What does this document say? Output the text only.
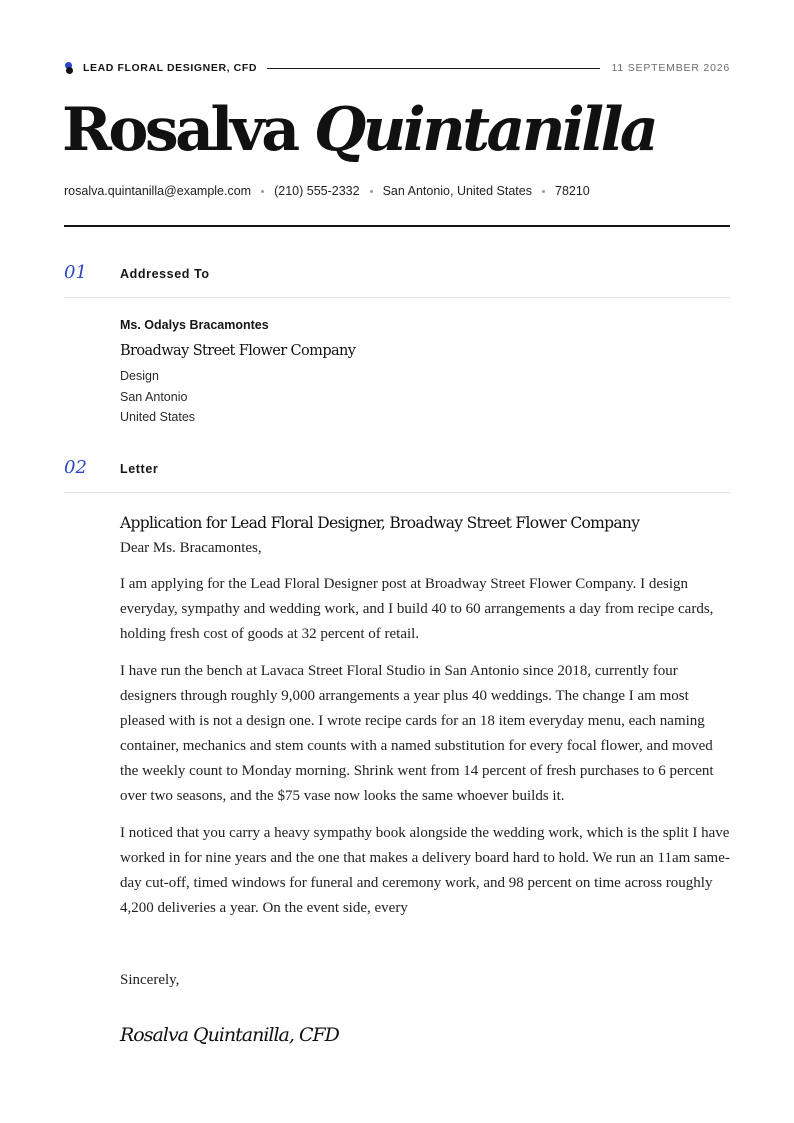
LEAD FLORAL DESIGNER, CFD	11 SEPTEMBER 2026
Rosalva Quintanilla
rosalva.quintanilla@example.com (210) 555-2332 San Antonio, United States 78210
01	Addressed To
Ms. Odalys Bracamontes
Broadway Street Flower Company
Design
San Antonio
United States
02	Letter
Application for Lead Floral Designer, Broadway Street Flower Company
Dear Ms. Bracamontes,

I am applying for the Lead Floral Designer post at Broadway Street Flower Company. I design everyday, sympathy and wedding work, and I build 40 to 60 arrangements a day from recipe cards, holding fresh cost of goods at 32 percent of retail.

I have run the bench at Lavaca Street Floral Studio in San Antonio since 2018, currently four designers through roughly 9,000 arrangements a year plus 40 weddings. The change I am most pleased with is not a design one. I wrote recipe cards for an 18 item everyday menu, each naming container, mechanics and stem counts with a named substitution for every focal flower, and moved the weekly count to Monday morning. Shrink went from 14 percent of fresh purchases to 6 percent over two seasons, and the $75 vase now looks the same whoever builds it.

I noticed that you carry a heavy sympathy book alongside the wedding work, which is the split I have worked in for nine years and the one that makes a delivery board hard to hold. We run an 11am same-day cut-off, timed windows for funeral and ceremony work, and 98 percent on time across roughly 4,200 deliveries a year. On the event side, every

Sincerely,
Rosalva Quintanilla, CFD
